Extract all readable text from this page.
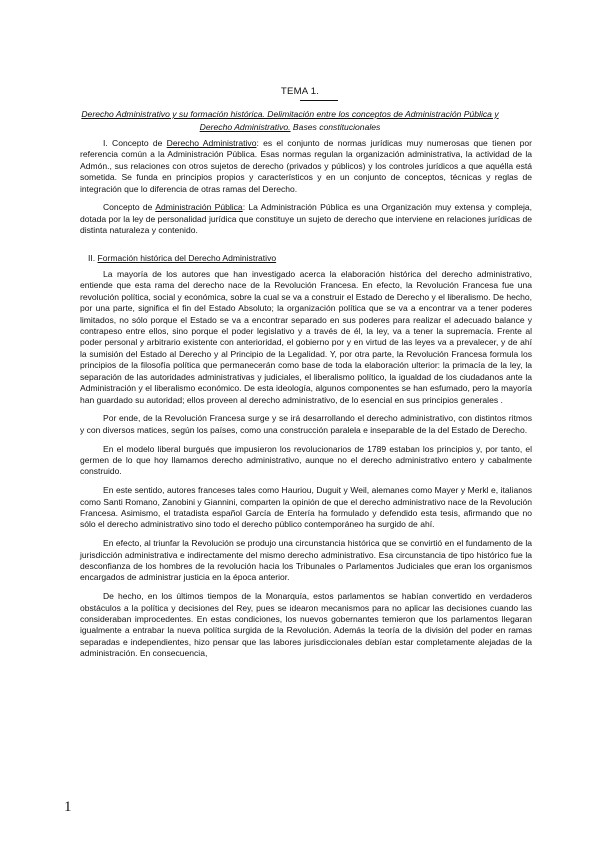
TEMA 1.
Derecho Administrativo y su formación histórica. Delimitación entre los conceptos de Administración Pública y Derecho Administrativo. Bases constitucionales

I. Concepto de Derecho Administrativo: es el conjunto de normas jurídicas muy numerosas que tienen por referencia común a la Administración Pública. Esas normas regulan la organización administrativa, la actividad de la Admón., sus relaciones con otros sujetos de derecho (privados y públicos) y los controles jurídicos a que aquélla está sometida. Se funda en principios propios y característicos y en un conjunto de conceptos, técnicas y reglas de integración que lo diferencia de otras ramas del Derecho.

Concepto de Administración Pública: La Administración Pública es una Organización muy extensa y compleja, dotada por la ley de personalidad jurídica que constituye un sujeto de derecho que interviene en relaciones jurídicas de distinta naturaleza y contenido.

II. Formación histórica del Derecho Administrativo

La mayoría de los autores que han investigado acerca la elaboración histórica del derecho administrativo, entiende que esta rama del derecho nace de la Revolución Francesa. En efecto, la Revolución Francesa fue una revolución política, social y económica, sobre la cual se va a construir el Estado de Derecho y el liberalismo. De hecho, por una parte, significa el fin del Estado Absoluto; la organización política que se va a encontrar va a tener poderes limitados, no sólo porque el Estado se va a encontrar separado en sus poderes para realizar el adecuado balance y contrapeso entre ellos, sino porque el poder legislativo y a través de él, la ley, va a tener la supremacía. Frente al poder personal y arbitrario existente con anterioridad, el gobierno por y en virtud de las leyes va a prevalecer, y de ahí la sumisión del Estado al Derecho y al Principio de la Legalidad. Y, por otra parte, la Revolución Francesa formula los principios de la filosofía política que permanecerán como base de toda la elaboración ulterior: la primacía de la ley, la separación de las autoridades administrativas y judiciales, el liberalismo político, la igualdad de los ciudadanos ante la Administración y el liberalismo económico. De esta ideología, algunos componentes se han esfumado, pero la mayoría han guardado su autoridad; ellos proveen al derecho administrativo, de lo esencial en sus principios generales .

Por ende, de la Revolución Francesa surge y se irá desarrollando el derecho administrativo, con distintos ritmos y con diversos matices, según los países, como una construcción paralela e inseparable de la del Estado de Derecho.

En el modelo liberal burgués que impusieron los revolucionarios de 1789 estaban los principios y, por tanto, el germen de lo que hoy llamamos derecho administrativo, aunque no el derecho administrativo entero y cabalmente construido.

En este sentido, autores franceses tales como Hauriou, Duguit y Weil, alemanes como Mayer y Merkl e, italianos como Santi Romano, Zanobini y Giannini, comparten la opinión de que el derecho administrativo nace de la Revolución Francesa. Asimismo, el tratadista español García de Entería ha formulado y defendido esta tesis, afirmando que no sólo el derecho administrativo sino todo el derecho público contemporáneo ha surgido de ahí.

En efecto, al triunfar la Revolución se produjo una circunstancia histórica que se convirtió en el fundamento de la jurisdicción administrativa e indirectamente del mismo derecho administrativo. Esa circunstancia de tipo histórico fue la desconfianza de los hombres de la revolución hacia los Tribunales o Parlamentos Judiciales que eran los organismos encargados de administrar justicia en la época anterior.

De hecho, en los últimos tiempos de la Monarquía, estos parlamentos se habían convertido en verdaderos obstáculos a la política y decisiones del Rey, pues se idearon mecanismos para no aplicar las decisiones cuando las consideraban improcedentes. En estas condiciones, los nuevos gobernantes temieron que los parlamentos llegaran igualmente a entrabar la nueva política surgida de la Revolución. Además la teoría de la división del poder en ramas separadas e independientes, hizo pensar que las labores jurisdiccionales debían estar completamente alejadas de la administración. En consecuencia,

1
